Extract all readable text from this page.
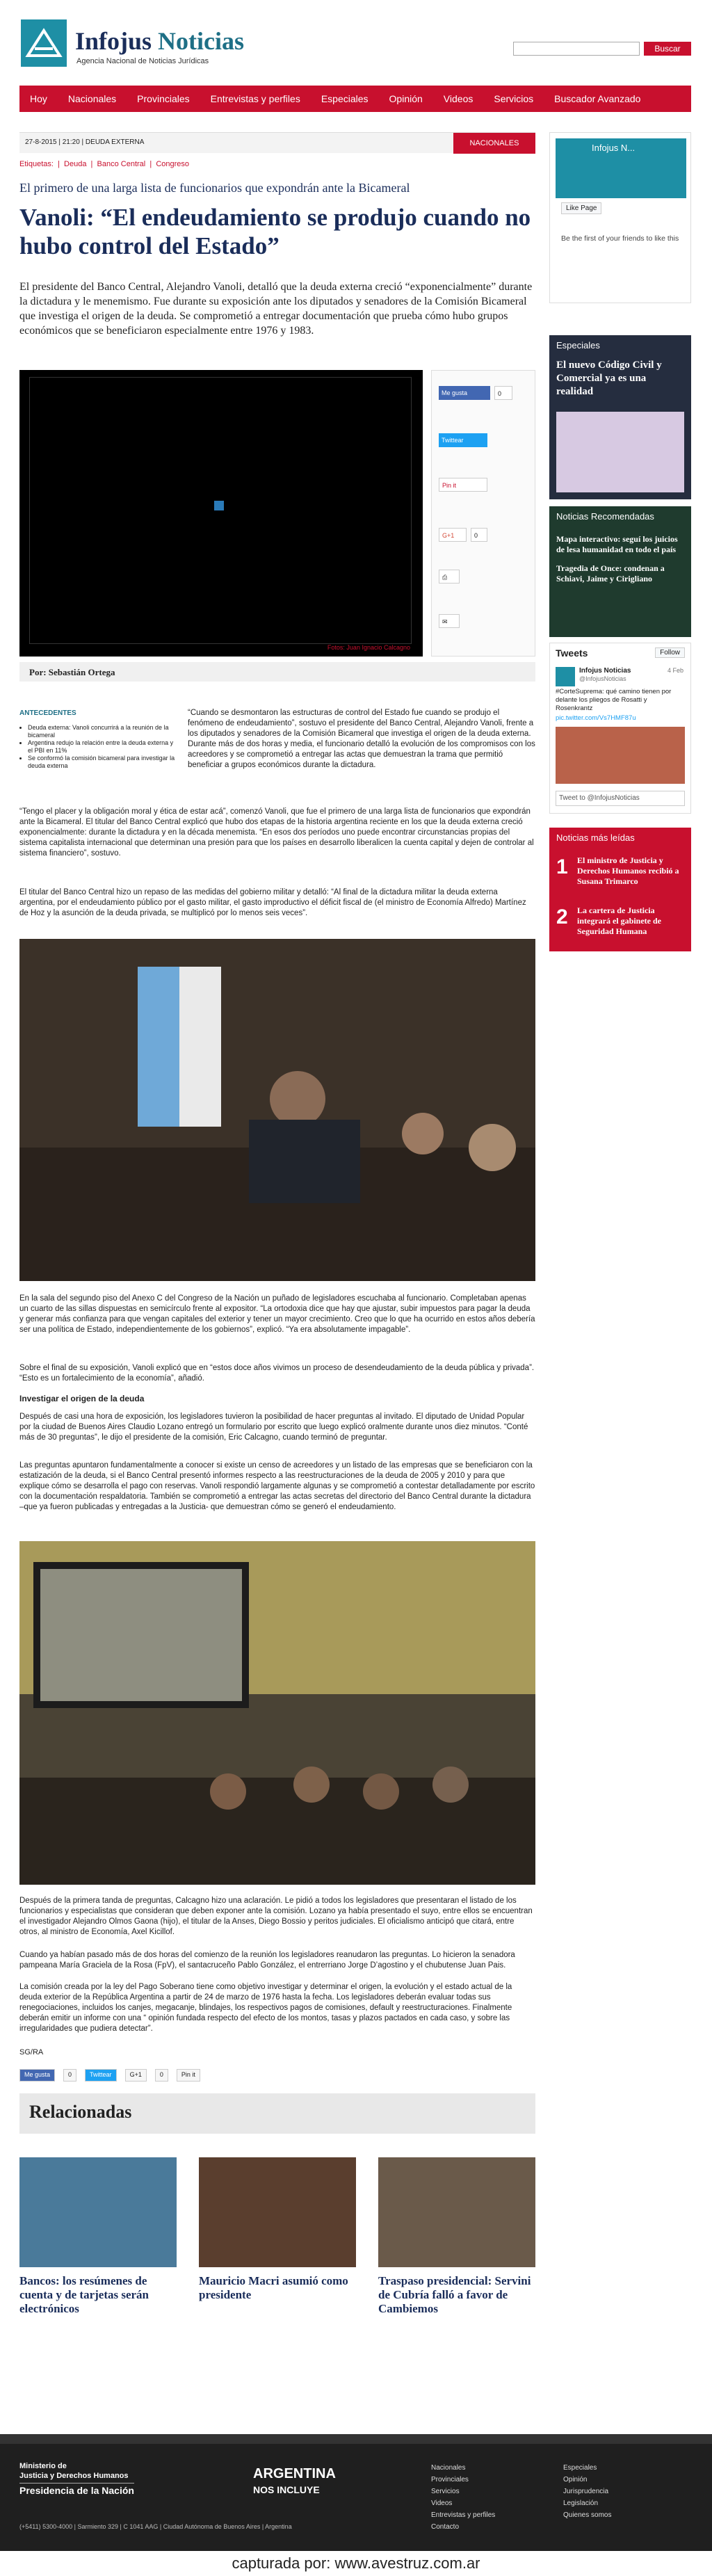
Infojus Noticias
Agencia Nacional de Noticias Jurídicas
Buscar
Hoy	Nacionales	Provinciales	Entrevistas y perfiles	Especiales	Opinión	Videos	Servicios	Buscador Avanzado
27-8-2015 | 21:20 | DEUDA EXTERNA	NACIONALES
Etiquetas:  |  Deuda  |  Banco Central  |  Congreso
El primero de una larga lista de funcionarios que expondrán ante la Bicameral
Vanoli: “El endeudamiento se produjo cuando no hubo control del Estado”

El presidente del Banco Central, Alejandro Vanoli, detalló que la deuda externa creció “exponencialmente” durante la dictadura y le menemismo. Fue durante su exposición ante los diputados y senadores de la Comisión Bicameral que investiga el origen de la deuda. Se comprometió a entregar documentación que prueba cómo hubo grupos económicos que se beneficiaron especialmente entre 1976 y 1983.

Fotos: Juan Ignacio Calcagno
Me gusta	0
Twittear
Pin it
G+1	0
⎙
✉
Por: Sebastián Ortega
ANTECEDENTES
• Deuda externa: Vanoli concurrirá a la reunión de la bicameral
• Argentina redujo la relación entre la deuda externa y el PBI en 11%
• Se conformó la comisión bicameral para investigar la deuda externa

“Cuando se desmontaron las estructuras de control del Estado fue cuando se produjo el fenómeno de endeudamiento”, sostuvo el presidente del Banco Central, Alejandro Vanoli, frente a los diputados y senadores de la Comisión Bicameral que investiga el origen de la deuda externa. Durante más de dos horas y media, el funcionario detalló la evolución de los compromisos con los acreedores y se comprometió a entregar las actas que demuestran la trama que permitió beneficiar a grupos económicos durante la dictadura.

“Tengo el placer y la obligación moral y ética de estar acá”, comenzó Vanoli, que fue el primero de una larga lista de funcionarios que expondrán ante la Bicameral. El titular del Banco Central explicó que hubo dos etapas de la historia argentina reciente en los que la deuda externa creció exponencialmente: durante la dictadura y en la década menemista. “En esos dos períodos uno puede encontrar circunstancias propias del sistema capitalista internacional que determinan una presión para que los países en desarrollo liberalicen la cuenta capital y dejen de controlar al sistema financiero”, sostuvo.

El titular del Banco Central hizo un repaso de las medidas del gobierno militar y detalló: “Al final de la dictadura militar la deuda externa argentina, por el endeudamiento público por el gasto militar, el gasto improductivo el déficit fiscal de (el ministro de Economía Alfredo) Martínez de Hoz y la asunción de la deuda privada, se multiplicó por lo menos seis veces”.

En la sala del segundo piso del Anexo C del Congreso de la Nación un puñado de legisladores escuchaba al funcionario. Completaban apenas un cuarto de las sillas dispuestas en semicírculo frente al expositor. “La ortodoxia dice que hay que ajustar, subir impuestos para pagar la deuda y generar más confianza para que vengan capitales del exterior y tener un mayor crecimiento. Creo que lo que ha ocurrido en estos años debería ser una política de Estado, independientemente de los gobiernos”, explicó. “Ya era absolutamente impagable”.

Sobre el final de su exposición, Vanoli explicó que en “estos doce años vivimos un proceso de desendeudamiento de la deuda pública y privada”. “Esto es un fortalecimiento de la economía”, añadió.

Investigar el origen de la deuda

Después de casi una hora de exposición, los legisladores tuvieron la posibilidad de hacer preguntas al invitado. El diputado de Unidad Popular por la ciudad de Buenos Aires Claudio Lozano entregó un formulario por escrito que luego explicó oralmente durante unos diez minutos. “Conté más de 30 preguntas”, le dijo el presidente de la comisión, Eric Calcagno, cuando terminó de preguntar.

Las preguntas apuntaron fundamentalmente a conocer si existe un censo de acreedores y un listado de las empresas que se beneficiaron con la estatización de la deuda, si el Banco Central presentó informes respecto a las reestructuraciones de la deuda de 2005 y 2010 y para que explique cómo se desarrolla el pago con reservas. Vanoli respondió largamente algunas y se comprometió a contestar detalladamente por escrito con la documentación respaldatoria. También se comprometió a entregar las actas secretas del directorio del Banco Central durante la dictadura –que ya fueron publicadas y entregadas a la Justicia- que demuestran cómo se generó el endeudamiento.

Después de la primera tanda de preguntas, Calcagno hizo una aclaración. Le pidió a todos los legisladores que presentaran el listado de los funcionarios y especialistas que consideran que deben exponer ante la comisión. Lozano ya había presentado el suyo, entre ellos se encuentran el investigador Alejandro Olmos Gaona (hijo), el titular de la Anses, Diego Bossio y peritos judiciales. El oficialismo anticipó que citará, entre otros, al ministro de Economía, Axel Kicillof.

Cuando ya habían pasado más de dos horas del comienzo de la reunión los legisladores reanudaron las preguntas. Lo hicieron la senadora pampeana María Graciela de la Rosa (FpV), el santacruceño Pablo González, el entrerriano Jorge D’agostino y el chubutense Juan Pais.

La comisión creada por la ley del Pago Soberano tiene como objetivo investigar y determinar el origen, la evolución y el estado actual de la deuda exterior de la República Argentina a partir de 24 de marzo de 1976 hasta la fecha. Los legisladores deberán evaluar todas sus renegociaciones, incluidos los canjes, megacanje, blindajes, los respectivos pagos de comisiones, default y reestructuraciones. Finalmente deberán emitir un informe con una “ opinión fundada respecto del efecto de los montos, tasas y plazos pactados en cada caso, y sobre las irregularidades que pudiera detectar”.

SG/RA
Me gusta	0	Twittear	G+1	0	Pin it
Relacionadas
Bancos: los resúmenes de cuenta y de tarjetas serán electrónicos
Mauricio Macri asumió como presidente
Traspaso presidencial: Servini de Cubría falló a favor de Cambiemos
Infojus N...
Like Page
Be the first of your friends to like this
Especiales
El nuevo Código Civil y Comercial ya es una realidad
Noticias Recomendadas
Mapa interactivo: seguí los juicios de lesa humanidad en todo el país
Tragedia de Once: condenan a Schiavi, Jaime y Cirigliano
Tweets	Follow
Infojus Noticias
@InfojusNoticias
4 Feb
#CorteSuprema: qué camino tienen por delante los pliegos de Rosatti y Rosenkrantz
pic.twitter.com/Vs7HMF87u
Tweet to @InfojusNoticias
Noticias más leídas
1 El ministro de Justicia y Derechos Humanos recibió a Susana Trimarco
2 La cartera de Justicia integrará el gabinete de Seguridad Humana
Ministerio de
Justicia y Derechos Humanos
Presidencia de la Nación
ARGENTINA
NOS INCLUYE
(+5411) 5300-4000 | Sarmiento 329 | C 1041 AAG | Ciudad Autónoma de Buenos Aires | Argentina
Nacionales
Provinciales
Servicios
Videos
Entrevistas y perfiles
Contacto
Especiales
Opinión
Jurisprudencia
Legislación
Quienes somos
capturada por: www.avestruz.com.ar
